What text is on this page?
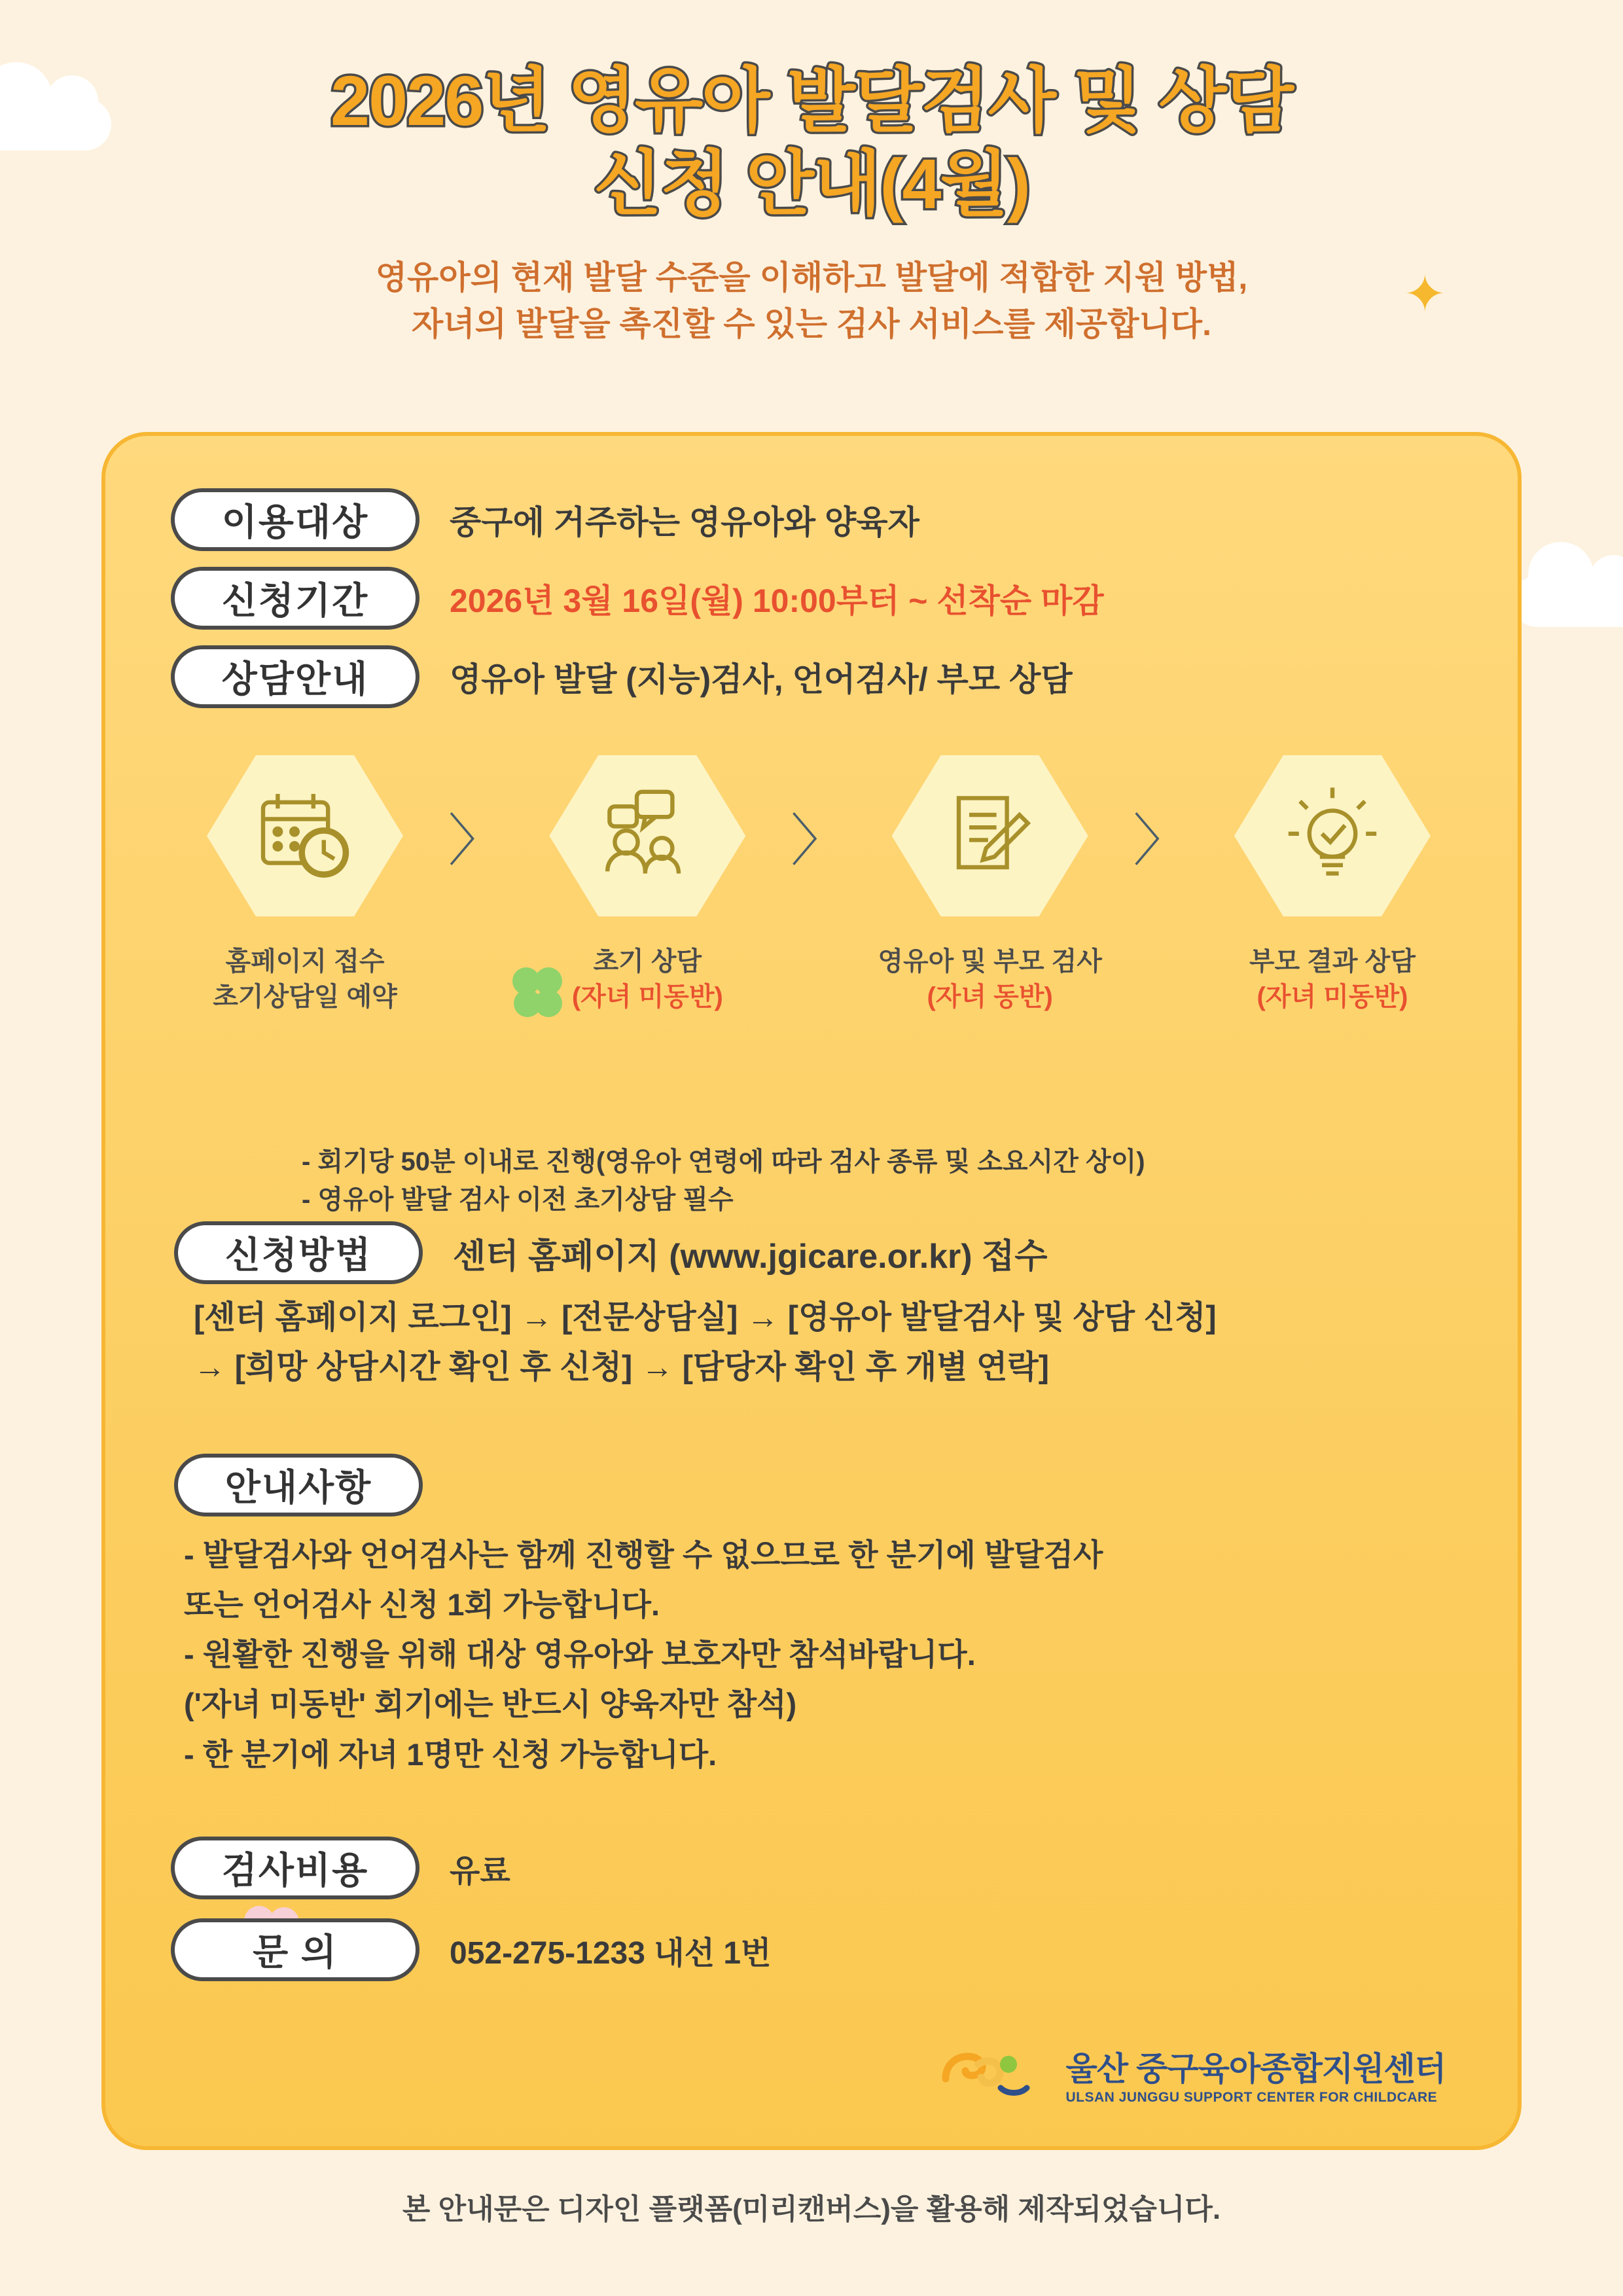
✦
2026년 영유아 발달검사 및 상담
신청 안내(4월)
영유아의 현재 발달 수준을 이해하고 발달에 적합한 지원 방법,
자녀의 발달을 촉진할 수 있는 검사 서비스를 제공합니다.
이용대상	중구에 거주하는 영유아와 양육자
신청기간	2026년 3월 16일(월) 10:00부터 ~ 선착순 마감
상담안내	영유아 발달 (지능)검사, 언어검사/ 부모 상담
홈페이지 접수
초기상담일 예약
〉
초기 상담
(자녀 미동반)
〉
영유아 및 부모 검사
(자녀 동반)
〉
부모 결과 상담
(자녀 미동반)
- 회기당 50분 이내로 진행(영유아 연령에 따라 검사 종류 및 소요시간 상이)
- 영유아 발달 검사 이전 초기상담 필수
신청방법	센터 홈페이지 (www.jgicare.or.kr) 접수
[센터 홈페이지 로그인] → [전문상담실] → [영유아 발달검사 및 상담 신청]
→ [희망 상담시간 확인 후 신청] → [담당자 확인 후 개별 연락]
안내사항
- 발달검사와 언어검사는 함께 진행할 수 없으므로 한 분기에 발달검사
또는 언어검사 신청 1회 가능합니다.
- 원활한 진행을 위해 대상 영유아와 보호자만 참석바랍니다.
('자녀 미동반' 회기에는 반드시 양육자만 참석)
- 한 분기에 자녀 1명만 신청 가능합니다.
검사비용	유료
문 의	052-275-1233 내선 1번
울산 중구육아종합지원센터
ULSAN JUNGGU SUPPORT CENTER FOR CHILDCARE
본 안내문은 디자인 플랫폼(미리캔버스)을 활용해 제작되었습니다.
